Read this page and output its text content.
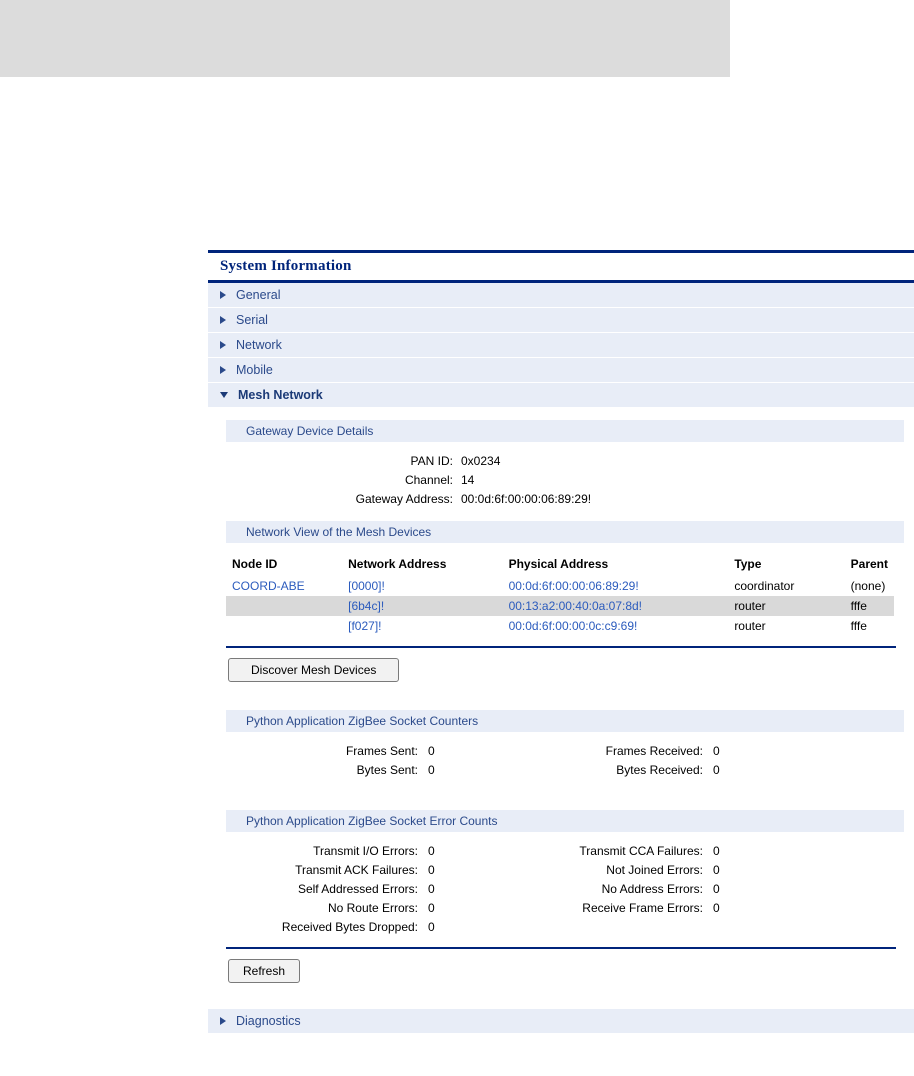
System Information
General
Serial
Network
Mobile
Mesh Network
Gateway Device Details
PAN ID: 0x0234
Channel: 14
Gateway Address: 00:0d:6f:00:00:06:89:29!
Network View of the Mesh Devices
Node ID	Network Address	Physical Address	Type	Parent
COORD-ABE	[0000]!	00:0d:6f:00:00:06:89:29!	coordinator	(none)
	[6b4c]!	00:13:a2:00:40:0a:07:8d!	router	fffe
	[f027]!	00:0d:6f:00:00:0c:c9:69!	router	fffe
Discover Mesh Devices
Python Application ZigBee Socket Counters
Frames Sent: 0	Frames Received: 0
Bytes Sent: 0	Bytes Received: 0
Python Application ZigBee Socket Error Counts
Transmit I/O Errors: 0	Transmit CCA Failures: 0
Transmit ACK Failures: 0	Not Joined Errors: 0
Self Addressed Errors: 0	No Address Errors: 0
No Route Errors: 0	Receive Frame Errors: 0
Received Bytes Dropped: 0
Refresh
Diagnostics
